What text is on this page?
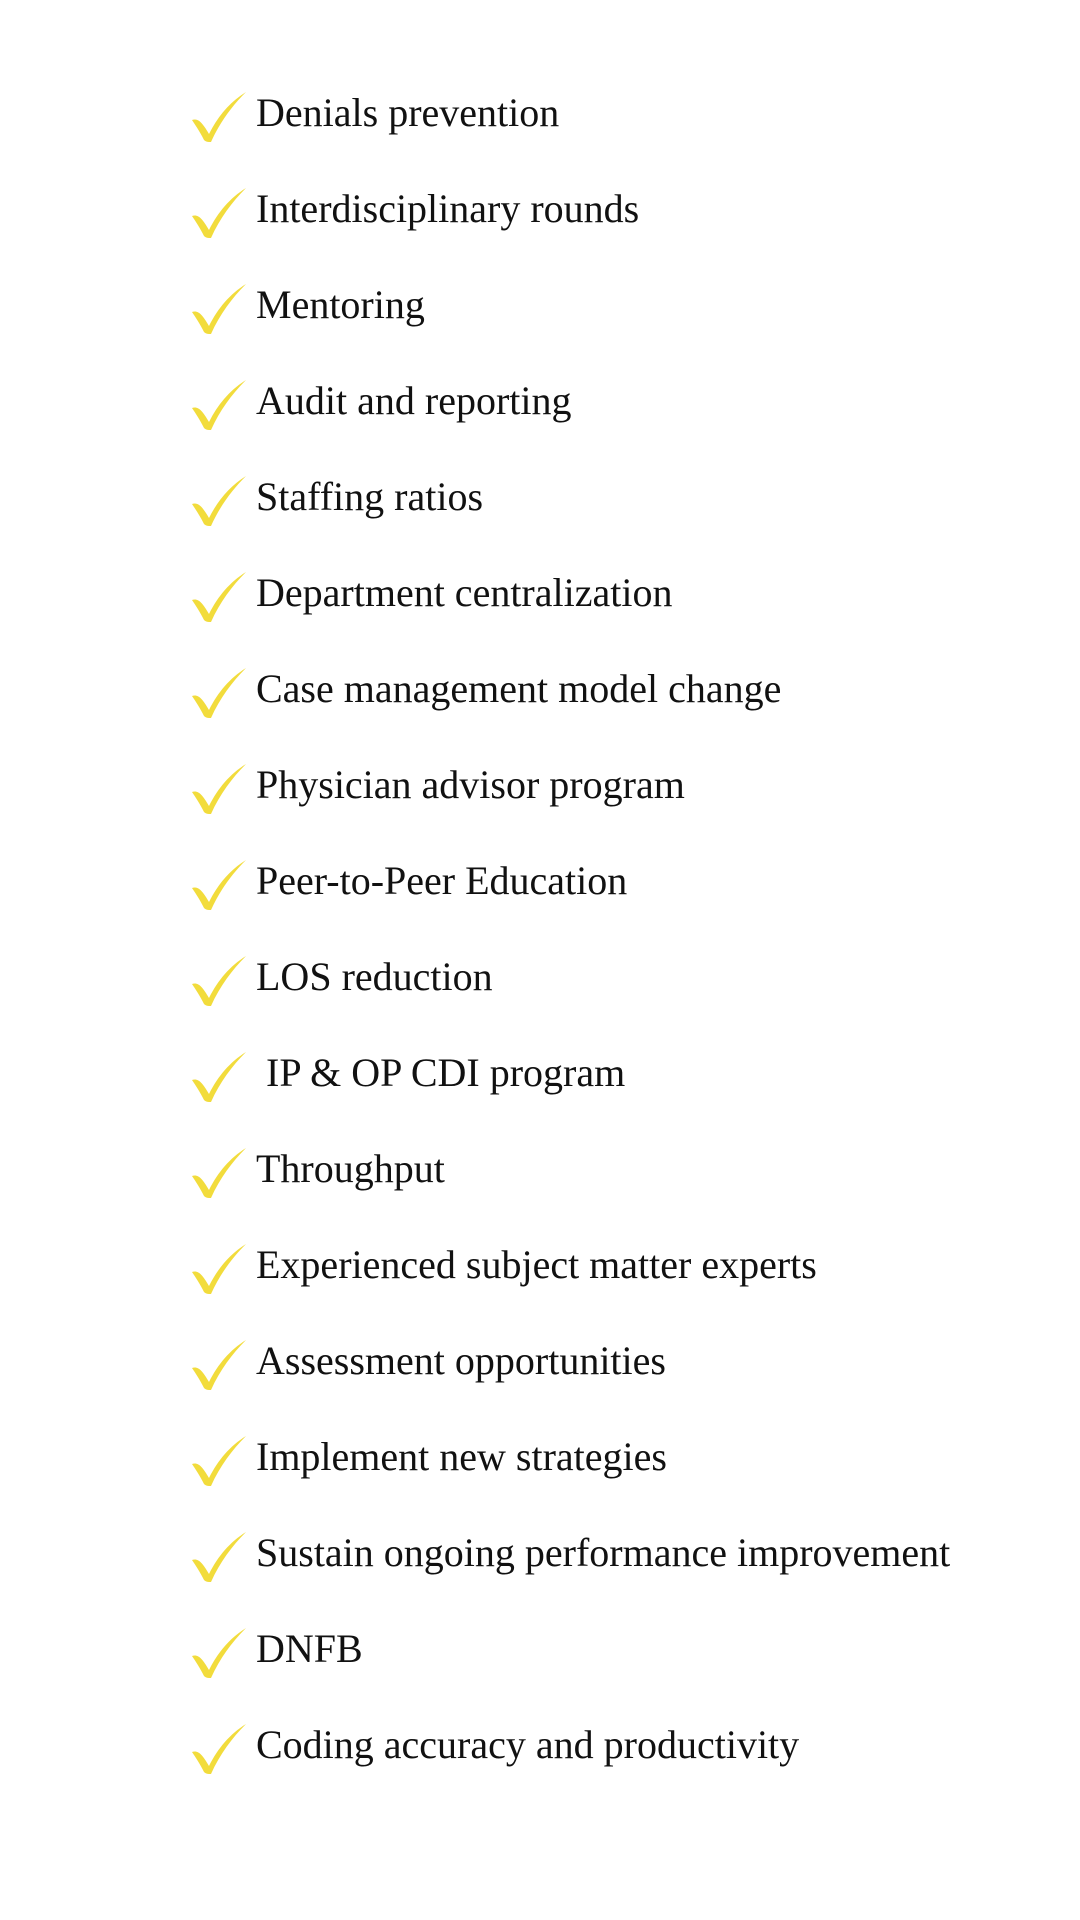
Denials prevention
Interdisciplinary rounds
Mentoring
Audit and reporting
Staffing ratios
Department centralization
Case management model change
Physician advisor program
Peer-to-Peer Education
LOS reduction
IP & OP CDI program
Throughput
Experienced subject matter experts
Assessment opportunities
Implement new strategies
Sustain ongoing performance improvement
DNFB
Coding accuracy and productivity
